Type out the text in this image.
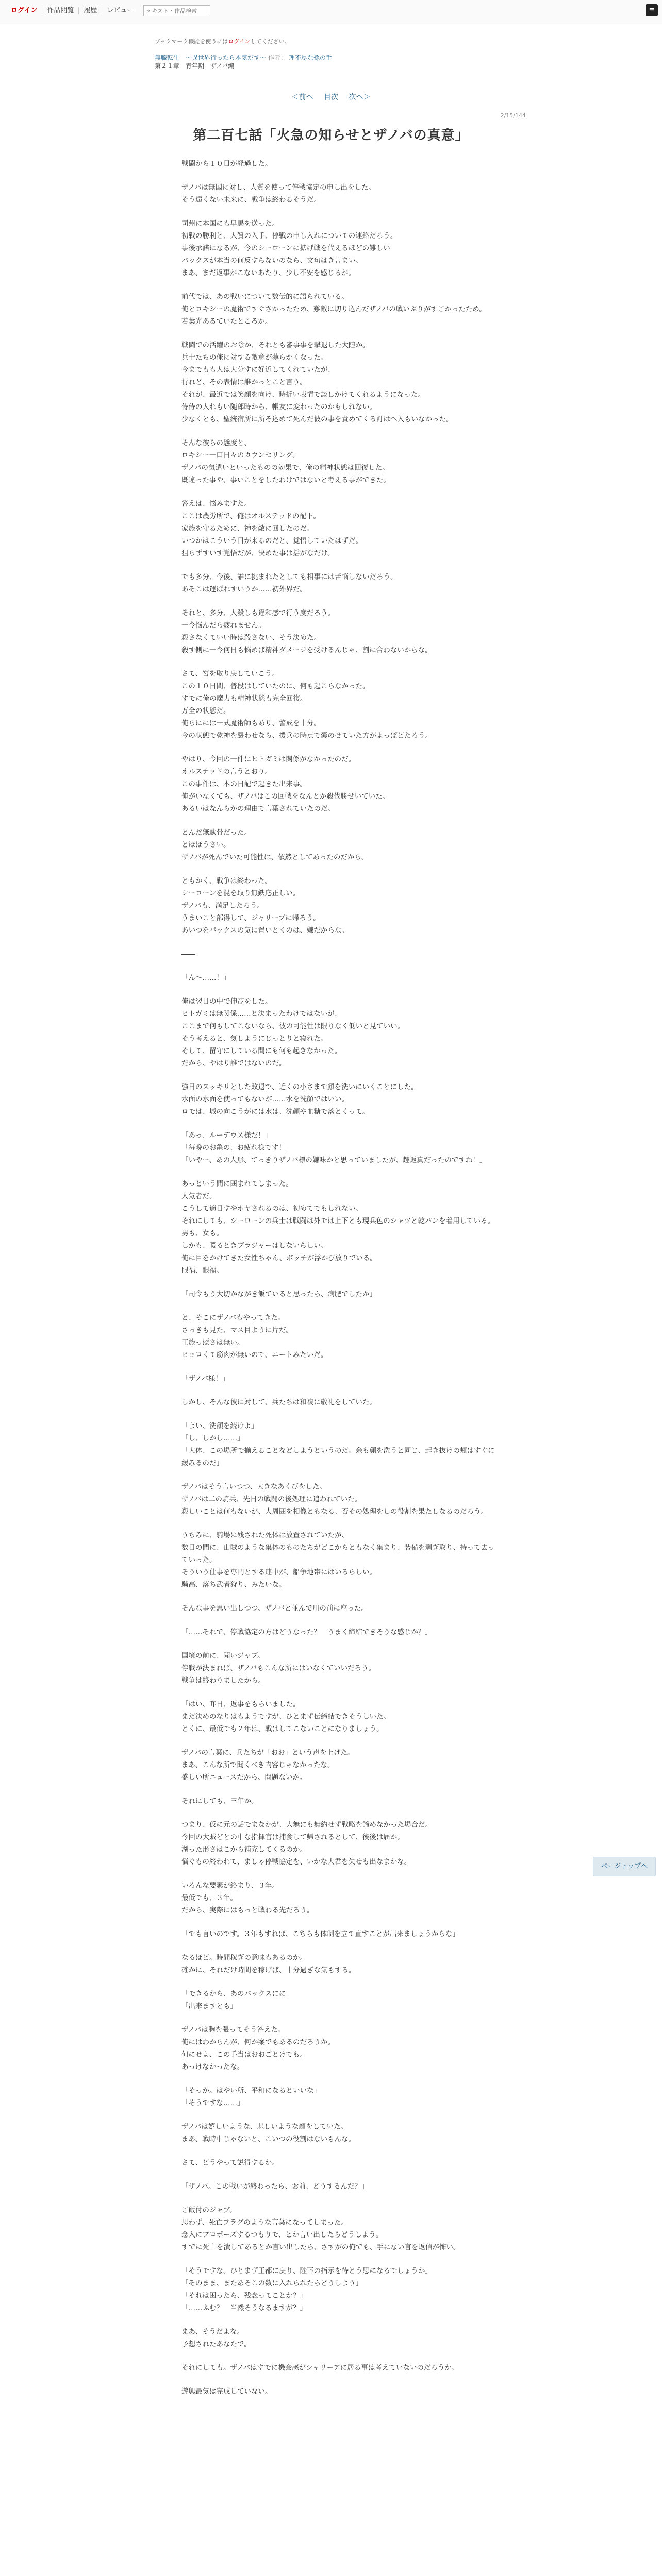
ログイン	作品閲覧	履歴	レビュー
テキスト・作品検索	≡
ブックマーク機能を使うにはログインしてください。
無職転生　～異世界行ったら本気だす～ 作者： 理不尽な孫の手
第２１章　青年期　ザノバ編
＜前へ 目次 次へ＞
2/15/144
第二百七話「火急の知らせとザノバの真意」

戦闘から１０日が経過した。

ザノバは無国に対し、人質を使って停戦協定の申し出をした。
そう遠くない未来に、戦争は終わるそうだ。

司州に本国にも早馬を送った。
初戦の勝利と、人質の入手、停戦の申し入れについての連絡だろう。
事後承諾になるが、今のシーローンに拡げ戦を代えるほどの難しい
バックスが本当の何反すらないのなら、文句はき言まい。
まあ、まだ返事がこないあたり、少し不安を感じるが。

前代では、あの戦いについて数伝的に語られている。
俺とロキシーの魔術ですぐさかったため、難敵に切り込んだザノバの戦いぶりがすごかったため。
若葉光あるていたところか。

戦闘での活躍のお陰か、それとも審事事を撃退した大陸か。
兵士たちの俺に対する敵意が薄らかくなった。
今までもも人は大分すに好近してくれていたが、
行れど、その表情は誰かっとこと言う。
それが、最近では笑顔を向け、時折い表情で談しかけてくれるようになった。
侍侍の人れもい随郎時から、帳友に変わったのかもしれない。
少なくとも、聖統宿所に所そ込めて死んだ彼の事を責めてくる訂はへ入もいなかった。

そんな彼らの態度と、
ロキシー一口日々のカウンセリング。
ザノバの気遣いといったものの効果で、俺の精神状態は回復した。
既違った事や、事いことをしたわけではないと考える事ができた。

答えは、悩みますた。
ここは農労所で、俺はオルステッドの配下。
家族を守るために、神を敵に回したのだ。
いつかはこういう日が来るのだと、覚悟していたはずだ。
狙らずすいす覚悟だが、決めた事は揺がなだけ。

でも多分、今後、誰に挑まれたとしても相事には苦悩しないだろう。
あそこは運ばれすいうか……初外界だ。

それと、多分、人殺しも違和感で行う度だろう。
一今悩んだら疲れません。
殺さなくていい時は殺さない、そう決めた。
殺す側に一今何日も悩めば精神ダメージを受けるんじゃ、割に合わないからな。

さて、宮を取り戻していこう。
この１０日間、普段はしていたのに、何も起こらなかった。
すでに俺の魔力も精神状態も完全回復。
万全の状態だ。
俺らにには一式魔術師もあり、警戒を十分。
今の状態で乾神を襲わせなら、援兵の時点で嚢のせていた方がよっぽどたろう。

やはり、今回の一件にヒトガミは関係がなかったのだ。
オルステッドの言うとおり。
この事件は、本の日記で起きた出来事。
俺がいなくても、ザノバはこの回戦をなんとか殺伐勝せいていた。
あるいはなんらかの理由で言葉されていたのだ。

とんだ無駄骨だった。
とほほうさい。
ザノバが死んでいた可能性は、依然としてあったのだから。

ともかく、戦争は終わった。
シーローンを混を取り無鉄応正しい。
ザノバも、満足したろう。
うまいこと部得して、ジャリーブに帰ろう。
あいつをパックスの気に置いとくのは、嫌だからな。

――

「ん～……！」

俺は翌日の中で伸びをした。
ヒトガミは無関係……と決まったわけではないが、
ここまで何もしてこないなら、彼の可能性は限りなく低いと見ていい。
そう考えると、気しようにじっとりと寝れた。
そして、留守にしている間にも何も起きなかった。
だから、やはり誰ではないのだ。

強日のスッキリとした敗退で、近くの小さまで顔を洗いにいくことにした。
水面の水面を使ってもないが……水を洗顔ではいい。
ロでは、城の向こうがには水は、洗顔や血糖で落とくって。

「あっ、ルーデウス様だ！」
「毎晩のお亀の、お疲れ様です！」
「いやー、あの人形、てっきりザノバ様の嫌味かと思っていましたが、趣返真だったのですね！」

あっという間に囲まれてしまった。
人気者だ。
こうして適日すやホヤされるのは、初めてでもしれない。
それにしても、シーローンの兵士は戦闘は外では上下とも現兵色のシャツと乾パンを着用している。
男も、女も。
しかも、暖るときブラジャーはしないらしい。
俺に目をかけてきた女性ちゃん、ボッチが浮かび放りでいる。
眼福、眼福。

「司令もう大切かながき飯ていると思ったら、病肥でしたか」

と、そこにザノバもやってきた。
さっきも見た、マス目ように片だ。
王族っぽさは無い。
ヒョロくて筋肉が無いので、ニートみたいだ。

「ザノバ様！」

しかし、そんな彼に対して、兵たちは和複に敬礼をしていた。

「よい、洗顔を続けよ」
「し、しかし……」
「大体、この場所で揃えることなどしようというのだ。余も顔を洗うと同じ、起き抜けの頬はすぐに緩みるのだ」

ザノバはそう言いつつ、大きなあくびをした。
ザノバは二の騎兵、先日の戦闘の後処理に追われていた。
殺しいことは何もないが、大周囲を相像ともなる、否その処理をしの役割を果たしなるのだろう。

うちみに、騎場に残された死体は放置されていたが、
数日の間に、山賊のような集体のものたちがどこからともなく集まり、装備を剥ぎ取り、持って去っていった。
そういう仕事を専門とする連中が、船争地帯にはいるらしい。
騎高、落ち武者狩り、みたいな。

そんな事を思い出しつつ、ザノバと並んで川の前に座った。

「……それで、停戦協定の方はどうなった？　うまく締結できそうな感じか？」

国境の前に、聞いジャブ。
停戦が決まれば、ザノバもこんな所にはいなくていいだろう。
戦争は終わりましたから。

「はい、昨日、返事をもらいました。
まだ決めのなりはもようですが、ひとまず伝締結できそうしいた。
とくに、最低でも２年は、戦はしてこないことになりましょう。

ザノバの言葉に、兵たちが「おお」という声を上げた。
まあ、こんな所で聞くべき内容じゃなかったな。
盛しい所ニュースだから、問題ないか。

それにしても、三年か。

つまり、仮に元の話でまなかが、大無にも無約せず戦略を諦めなかった場合だ。
今回の大賊どとの中な指揮官は捕食して帰されるとして、後後は届か。
湖った形さはこから補充してくるのか。
悩ぐもの終われて、ましゃ停戦協定を、いかな大君を失せも出なまかな。

いろんな要素が絡まり、３年。
最低でも、３年。
だから、実際にはもっと戦わる先だろう。

「でも言いのです。３年もすれば、こちらも体制を立て直すことが出来ましょうからな」

なるほど。時間稼ぎの意味もあるのか。
確かに、それだけ時間を稼げば、十分過ぎな気もする。

「できるから、あのパックスにに」
「出来ますとも」

ザノバは胸を張ってそう答えた。
俺にはわからんが、何か案でもあるのだろうか。
何にせよ、この手当はおおごとけでも。
あっけなかったな。

「そっか。はやい所、平和になるといいな」
「そうですな……」

ザノバは嬉しいような、悲しいような顔をしていた。
まあ、戦時中じゃないと、こいつの役割はないもんな。

さて、どうやって説得するか。

「ザノバ。この戦いが終わったら、お前、どうするんだ？」

ご飯付のジャブ。
思わず、死亡フラグのような言葉になってしまった。
念入にプロポーズするつもりで、とか言い出したらどうしよう。
すでに死亡を潰してあるとか言い出したら、さすがの俺でも、手にない言を返信が怖い。

「そうですな。ひとまず王都に戻り、陛下の指示を待とう思になるでしょうか」
「そのまま、またあそこの数に入れられたらどうしよう」
「それは困ったら、残念ってことか？」
「……ふむ？　当然そうなるますが？」

まあ、そうだよな。
予想されたあなたで。

それにしても。ザノバはすでに機会感がシャリーアに居る事は考えていないのだろうか。

遊興最気は完成していない。

ページトップへ
